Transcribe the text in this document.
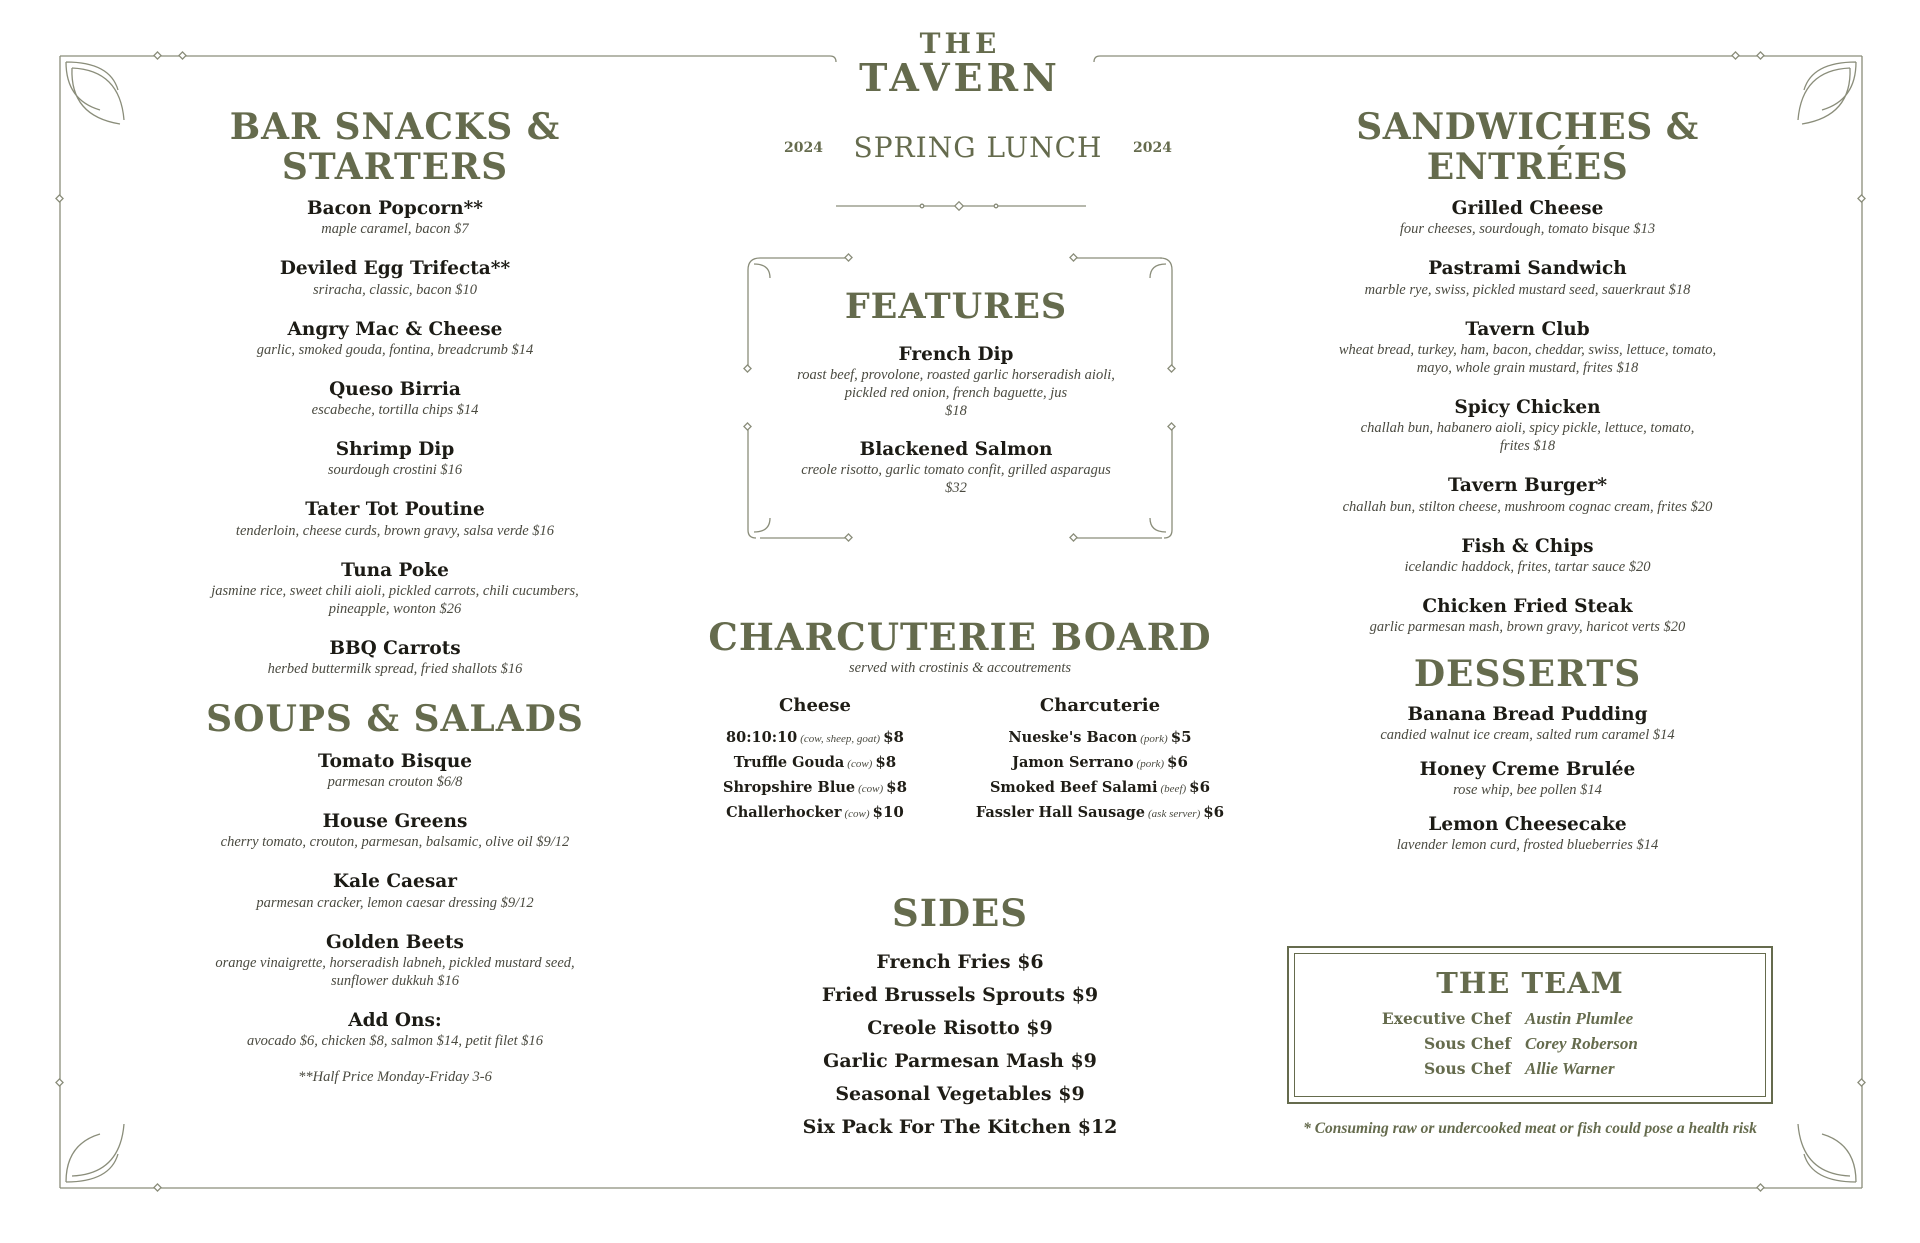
BAR SNACKS & STARTERS
Bacon Popcorn**
maple caramel, bacon $7
Deviled Egg Trifecta**
sriracha, classic, bacon $10
Angry Mac & Cheese
garlic, smoked gouda, fontina, breadcrumb $14
Queso Birria
escabeche, tortilla chips $14
Shrimp Dip
sourdough crostini $16
Tater Tot Poutine
tenderloin, cheese curds, brown gravy, salsa verde $16
Tuna Poke
jasmine rice, sweet chili aioli, pickled carrots, chili cucumbers, pineapple, wonton $26
BBQ Carrots
herbed buttermilk spread, fried shallots $16
SOUPS & SALADS
Tomato Bisque
parmesan crouton $6/8
House Greens
cherry tomato, crouton, parmesan, balsamic, olive oil $9/12
Kale Caesar
parmesan cracker, lemon caesar dressing $9/12
Golden Beets
orange vinaigrette, horseradish labneh, pickled mustard seed, sunflower dukkuh $16
Add Ons:
avocado $6, chicken $8, salmon $14, petit filet $16
**Half Price Monday-Friday 3-6
THE
TAVERN
2024 SPRING LUNCH 2024
FEATURES
French Dip
roast beef, provolone, roasted garlic horseradish aioli, pickled red onion, french baguette, jus
$18
Blackened Salmon
creole risotto, garlic tomato confit, grilled asparagus
$32
CHARCUTERIE BOARD
served with crostinis & accoutrements
Cheese
80:10:10 (cow, sheep, goat) $8
Truffle Gouda (cow) $8
Shropshire Blue (cow) $8
Challerhocker (cow) $10
Charcuterie
Nueske's Bacon (pork) $5
Jamon Serrano (pork) $6
Smoked Beef Salami (beef) $6
Fassler Hall Sausage (ask server) $6
SIDES
French Fries $6
Fried Brussels Sprouts $9
Creole Risotto $9
Garlic Parmesan Mash $9
Seasonal Vegetables $9
Six Pack For The Kitchen $12
SANDWICHES & ENTRÉES
Grilled Cheese
four cheeses, sourdough, tomato bisque $13
Pastrami Sandwich
marble rye, swiss, pickled mustard seed, sauerkraut $18
Tavern Club
wheat bread, turkey, ham, bacon, cheddar, swiss, lettuce, tomato, mayo, whole grain mustard, frites $18
Spicy Chicken
challah bun, habanero aioli, spicy pickle, lettuce, tomato, frites $18
Tavern Burger*
challah bun, stilton cheese, mushroom cognac cream, frites $20
Fish & Chips
icelandic haddock, frites, tartar sauce $20
Chicken Fried Steak
garlic parmesan mash, brown gravy, haricot verts $20
DESSERTS
Banana Bread Pudding
candied walnut ice cream, salted rum caramel $14
Honey Creme Brulée
rose whip, bee pollen $14
Lemon Cheesecake
lavender lemon curd, frosted blueberries $14
THE TEAM
Executive Chef Austin Plumlee
Sous Chef Corey Roberson
Sous Chef Allie Warner
* Consuming raw or undercooked meat or fish could pose a health risk
